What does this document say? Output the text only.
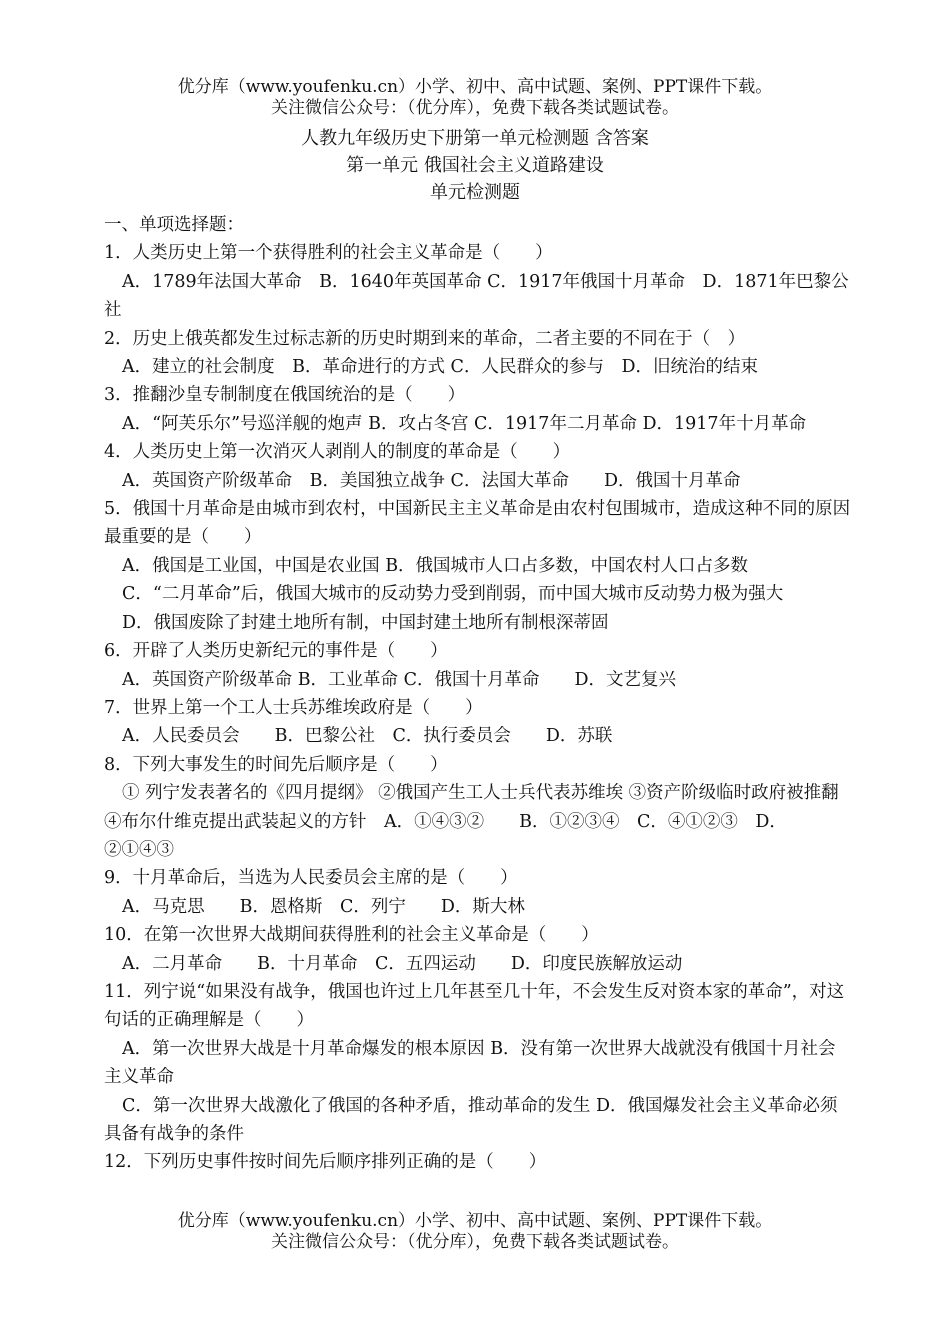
优分库（www.youfenku.cn）小学、初中、高中试题、案例、PPT课件下载。
关注微信公众号：（优分库），免费下载各类试题试卷。
人教九年级历史下册第一单元检测题 含答案
第一单元 俄国社会主义道路建设
单元检测题

一、单项选择题：

1．人类历史上第一个获得胜利的社会主义革命是（　　）

A．1789年法国大革命　B．1640年英国革命 C．1917年俄国十月革命　D．1871年巴黎公社

2．历史上俄英都发生过标志新的历史时期到来的革命，二者主要的不同在于（　）

A．建立的社会制度　B．革命进行的方式 C．人民群众的参与　D．旧统治的结束

3．推翻沙皇专制制度在俄国统治的是（　　）

A．“阿芙乐尔”号巡洋舰的炮声 B．攻占冬宫 C．1917年二月革命 D．1917年十月革命

4．人类历史上第一次消灭人剥削人的制度的革命是（　　）

A．英国资产阶级革命　B．美国独立战争 C．法国大革命　　D．俄国十月革命

5．俄国十月革命是由城市到农村，中国新民主主义革命是由农村包围城市，造成这种不同的原因最重要的是（　　）

A．俄国是工业国，中国是农业国 B．俄国城市人口占多数，中国农村人口占多数

C．“二月革命”后，俄国大城市的反动势力受到削弱，而中国大城市反动势力极为强大

D．俄国废除了封建土地所有制，中国封建土地所有制根深蒂固

6．开辟了人类历史新纪元的事件是（　　）

A．英国资产阶级革命 B．工业革命 C．俄国十月革命　　D．文艺复兴

7．世界上第一个工人士兵苏维埃政府是（　　）

A．人民委员会　　B．巴黎公社　C．执行委员会　　D．苏联

8．下列大事发生的时间先后顺序是（　　）

① 列宁发表著名的《四月提纲》 ②俄国产生工人士兵代表苏维埃 ③资产阶级临时政府被推翻 ④布尔什维克提出武装起义的方针　A．①④③②　　B．①②③④　C．④①②③　D．②①④③

9．十月革命后，当选为人民委员会主席的是（　　）

A．马克思　　B．恩格斯　C．列宁　　D．斯大林

10．在第一次世界大战期间获得胜利的社会主义革命是（　　）

A．二月革命　　B．十月革命　C．五四运动　　D．印度民族解放运动

11．列宁说“如果没有战争，俄国也许过上几年甚至几十年，不会发生反对资本家的革命”，对这句话的正确理解是（　　）

A．第一次世界大战是十月革命爆发的根本原因 B．没有第一次世界大战就没有俄国十月社会主义革命

C．第一次世界大战激化了俄国的各种矛盾，推动革命的发生 D．俄国爆发社会主义革命必须具备有战争的条件

12．下列历史事件按时间先后顺序排列正确的是（　　）

优分库（www.youfenku.cn）小学、初中、高中试题、案例、PPT课件下载。
关注微信公众号：（优分库），免费下载各类试题试卷。
